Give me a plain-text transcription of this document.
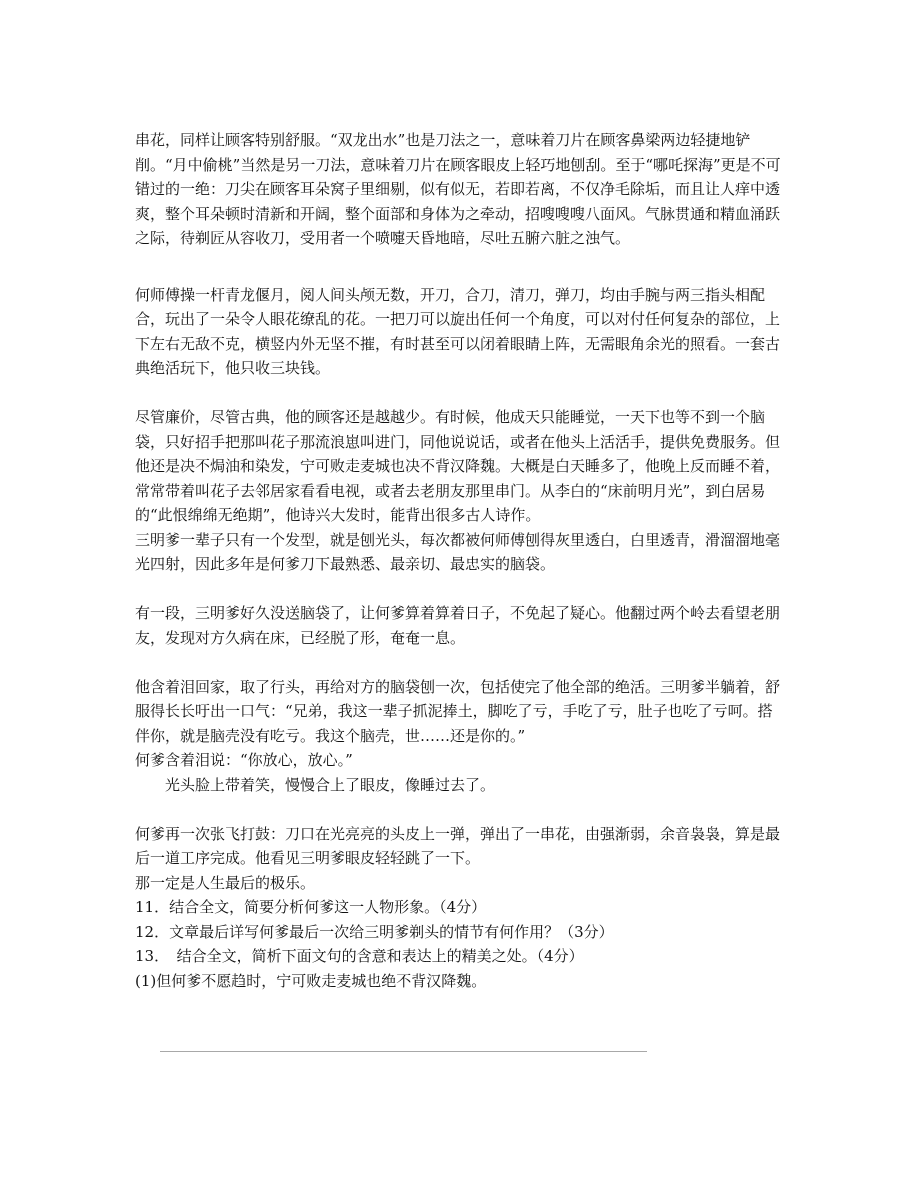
串花，同样让顾客特别舒服。“双龙出水”也是刀法之一，意味着刀片在顾客鼻梁两边轻捷地铲削。“月中偷桃”当然是另一刀法，意味着刀片在顾客眼皮上轻巧地刨刮。至于“哪吒探海”更是不可错过的一绝：刀尖在顾客耳朵窝子里细剔，似有似无，若即若离，不仅净毛除垢，而且让人痒中透爽，整个耳朵顿时清新和开阔，整个面部和身体为之牵动，招嗖嗖嗖八面风。气脉贯通和精血涌跃之际，待剃匠从容收刀，受用者一个喷嚏天昏地暗，尽吐五腑六脏之浊气。

何师傅操一杆青龙偃月，阅人间头颅无数，开刀，合刀，清刀，弹刀，均由手腕与两三指头相配合，玩出了一朵令人眼花缭乱的花。一把刀可以旋出任何一个角度，可以对付任何复杂的部位，上下左右无敌不克，横竖内外无坚不摧，有时甚至可以闭着眼睛上阵，无需眼角余光的照看。一套古典绝活玩下，他只收三块钱。

尽管廉价，尽管古典，他的顾客还是越越少。有时候，他成天只能睡觉，一天下也等不到一个脑袋，只好招手把那叫花子那流浪崽叫进门，同他说说话，或者在他头上活活手，提供免费服务。但他还是决不焗油和染发，宁可败走麦城也决不背汉降魏。大概是白天睡多了，他晚上反而睡不着，常常带着叫花子去邻居家看看电视，或者去老朋友那里串门。从李白的“床前明月光”，到白居易的“此恨绵绵无绝期”，他诗兴大发时，能背出很多古人诗作。

三明爹一辈子只有一个发型，就是刨光头，每次都被何师傅刨得灰里透白，白里透青，滑溜溜地毫光四射，因此多年是何爹刀下最熟悉、最亲切、最忠实的脑袋。

有一段，三明爹好久没送脑袋了，让何爹算着算着日子，不免起了疑心。他翻过两个岭去看望老朋友，发现对方久病在床，已经脱了形，奄奄一息。

他含着泪回家，取了行头，再给对方的脑袋刨一次，包括使完了他全部的绝活。三明爹半躺着，舒服得长长吁出一口气：“兄弟，我这一辈子抓泥捧土，脚吃了亏，手吃了亏，肚子也吃了亏呵。搭伴你，就是脑壳没有吃亏。我这个脑壳，世……还是你的。”

何爹含着泪说：“你放心，放心。”

光头脸上带着笑，慢慢合上了眼皮，像睡过去了。

何爹再一次张飞打鼓：刀口在光亮亮的头皮上一弹，弹出了一串花，由强渐弱，余音袅袅，算是最后一道工序完成。他看见三明爹眼皮轻轻跳了一下。

那一定是人生最后的极乐。

11．结合全文，简要分析何爹这一人物形象。（4分）

12．文章最后详写何爹最后一次给三明爹剃头的情节有何作用？（3分）

13．　结合全文，简析下面文句的含意和表达上的精美之处。（4分）

(1)但何爹不愿趋时，宁可败走麦城也绝不背汉降魏。
